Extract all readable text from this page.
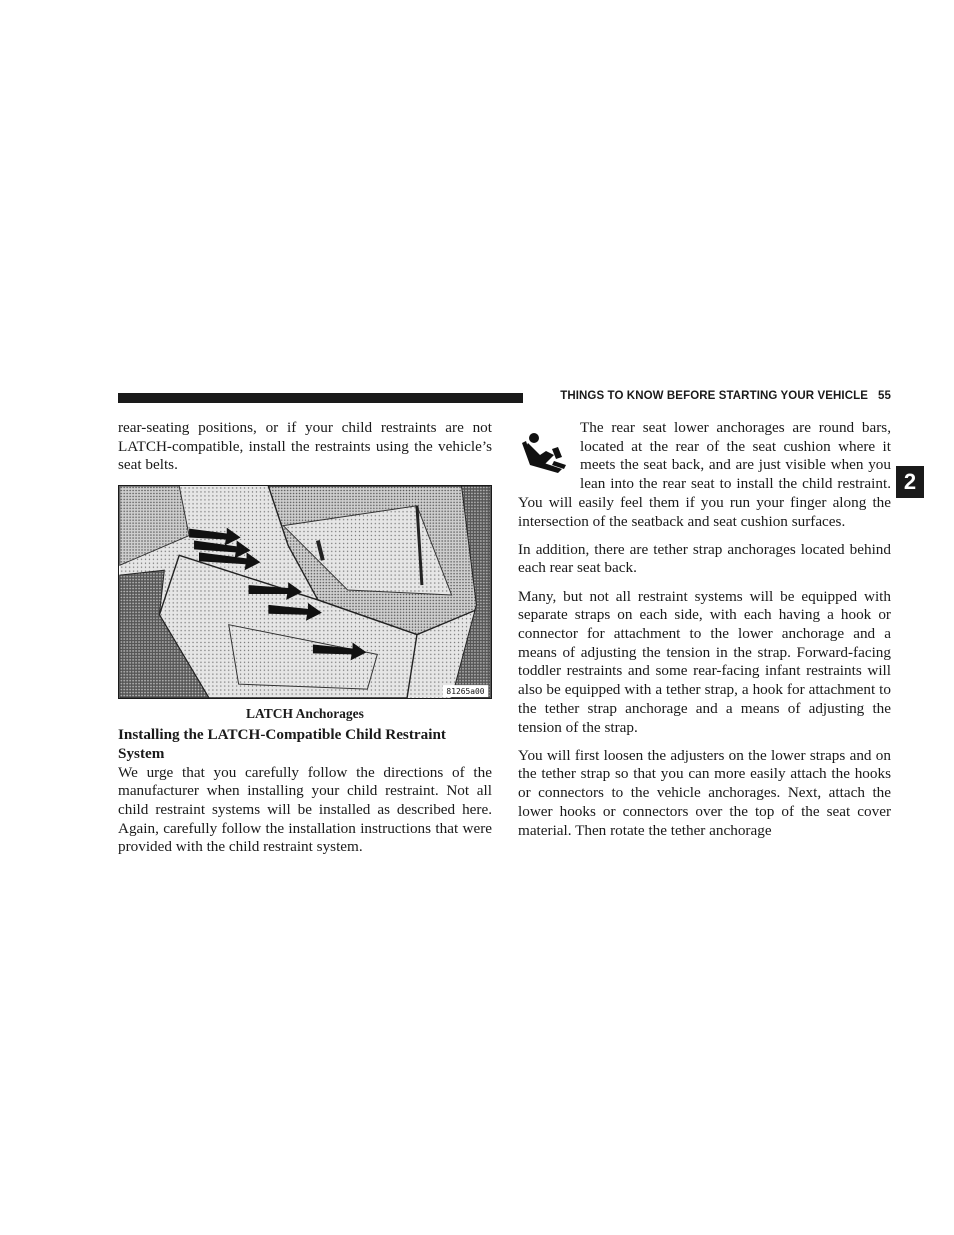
THINGS TO KNOW BEFORE STARTING YOUR VEHICLE 55
2

rear-seating positions, or if your child restraints are not LATCH-compatible, install the restraints using the vehicle’s seat belts.

81265a00
LATCH Anchorages
Installing the LATCH-Compatible Child Restraint System

We urge that you carefully follow the directions of the manufacturer when installing your child restraint. Not all child restraint systems will be installed as described here. Again, carefully follow the installation instructions that were provided with the child restraint system.

The rear seat lower anchorages are round bars, located at the rear of the seat cushion where it meets the seat back, and are just visible when you lean into the rear seat to install the child restraint. You will easily feel them if you run your finger along the intersection of the seatback and seat cushion surfaces.

In addition, there are tether strap anchorages located behind each rear seat back.

Many, but not all restraint systems will be equipped with separate straps on each side, with each having a hook or connector for attachment to the lower anchorage and a means of adjusting the tension in the strap. Forward-facing toddler restraints and some rear-facing infant restraints will also be equipped with a tether strap, a hook for attachment to the tether strap anchorage and a means of adjusting the tension of the strap.

You will first loosen the adjusters on the lower straps and on the tether strap so that you can more easily attach the hooks or connectors to the vehicle anchorages. Next, attach the lower hooks or connectors over the top of the seat cover material. Then rotate the tether anchorage
